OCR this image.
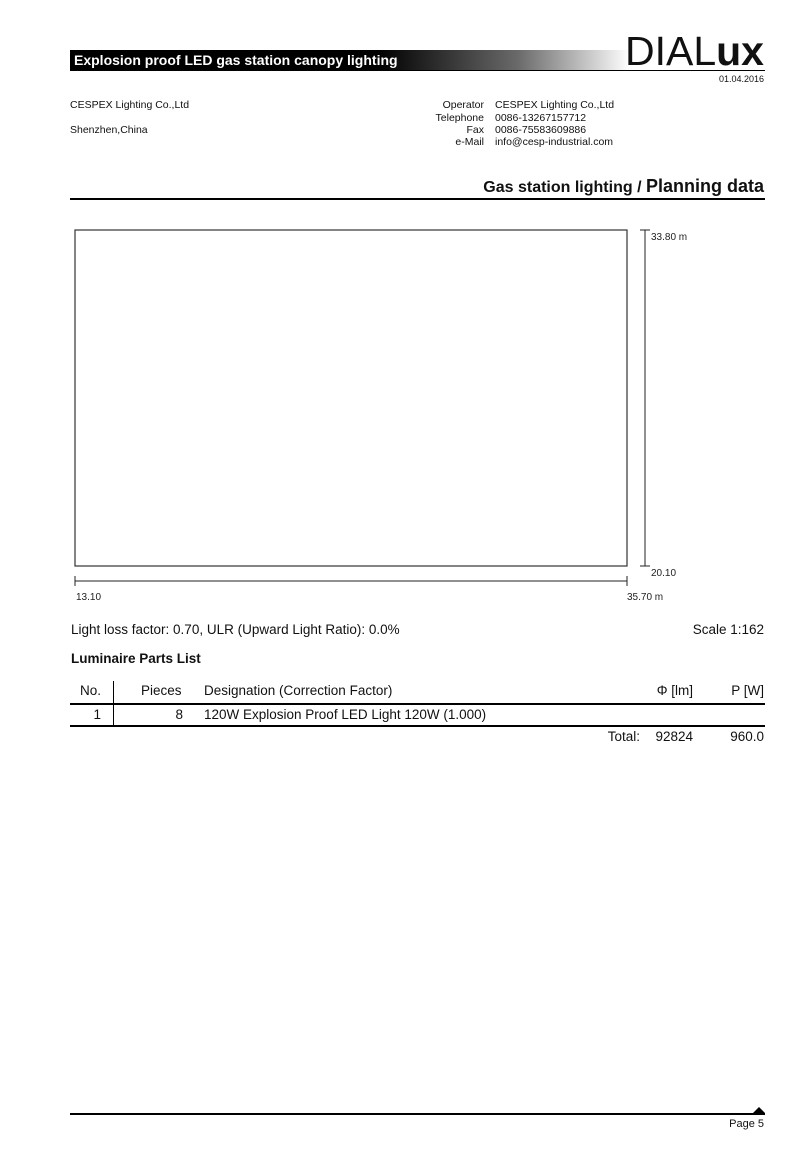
Explosion proof LED gas station canopy lighting	DIALux
01.04.2016
CESPEX Lighting Co.,Ltd
Shenzhen,China
Operator CESPEX Lighting Co.,Ltd
Telephone 0086-13267157712
Fax 0086-75583609886
e-Mail info@cesp-industrial.com
Gas station lighting / Planning data
33.80 m
20.10
13.10	35.70 m
Light loss factor: 0.70, ULR (Upward Light Ratio): 0.0%	Scale 1:162
Luminaire Parts List
No.	Pieces Designation (Correction Factor)	Φ [lm]	P [W]
1	8 120W Explosion Proof LED Light 120W (1.000)
Total: 92824	960.0
Page 5
